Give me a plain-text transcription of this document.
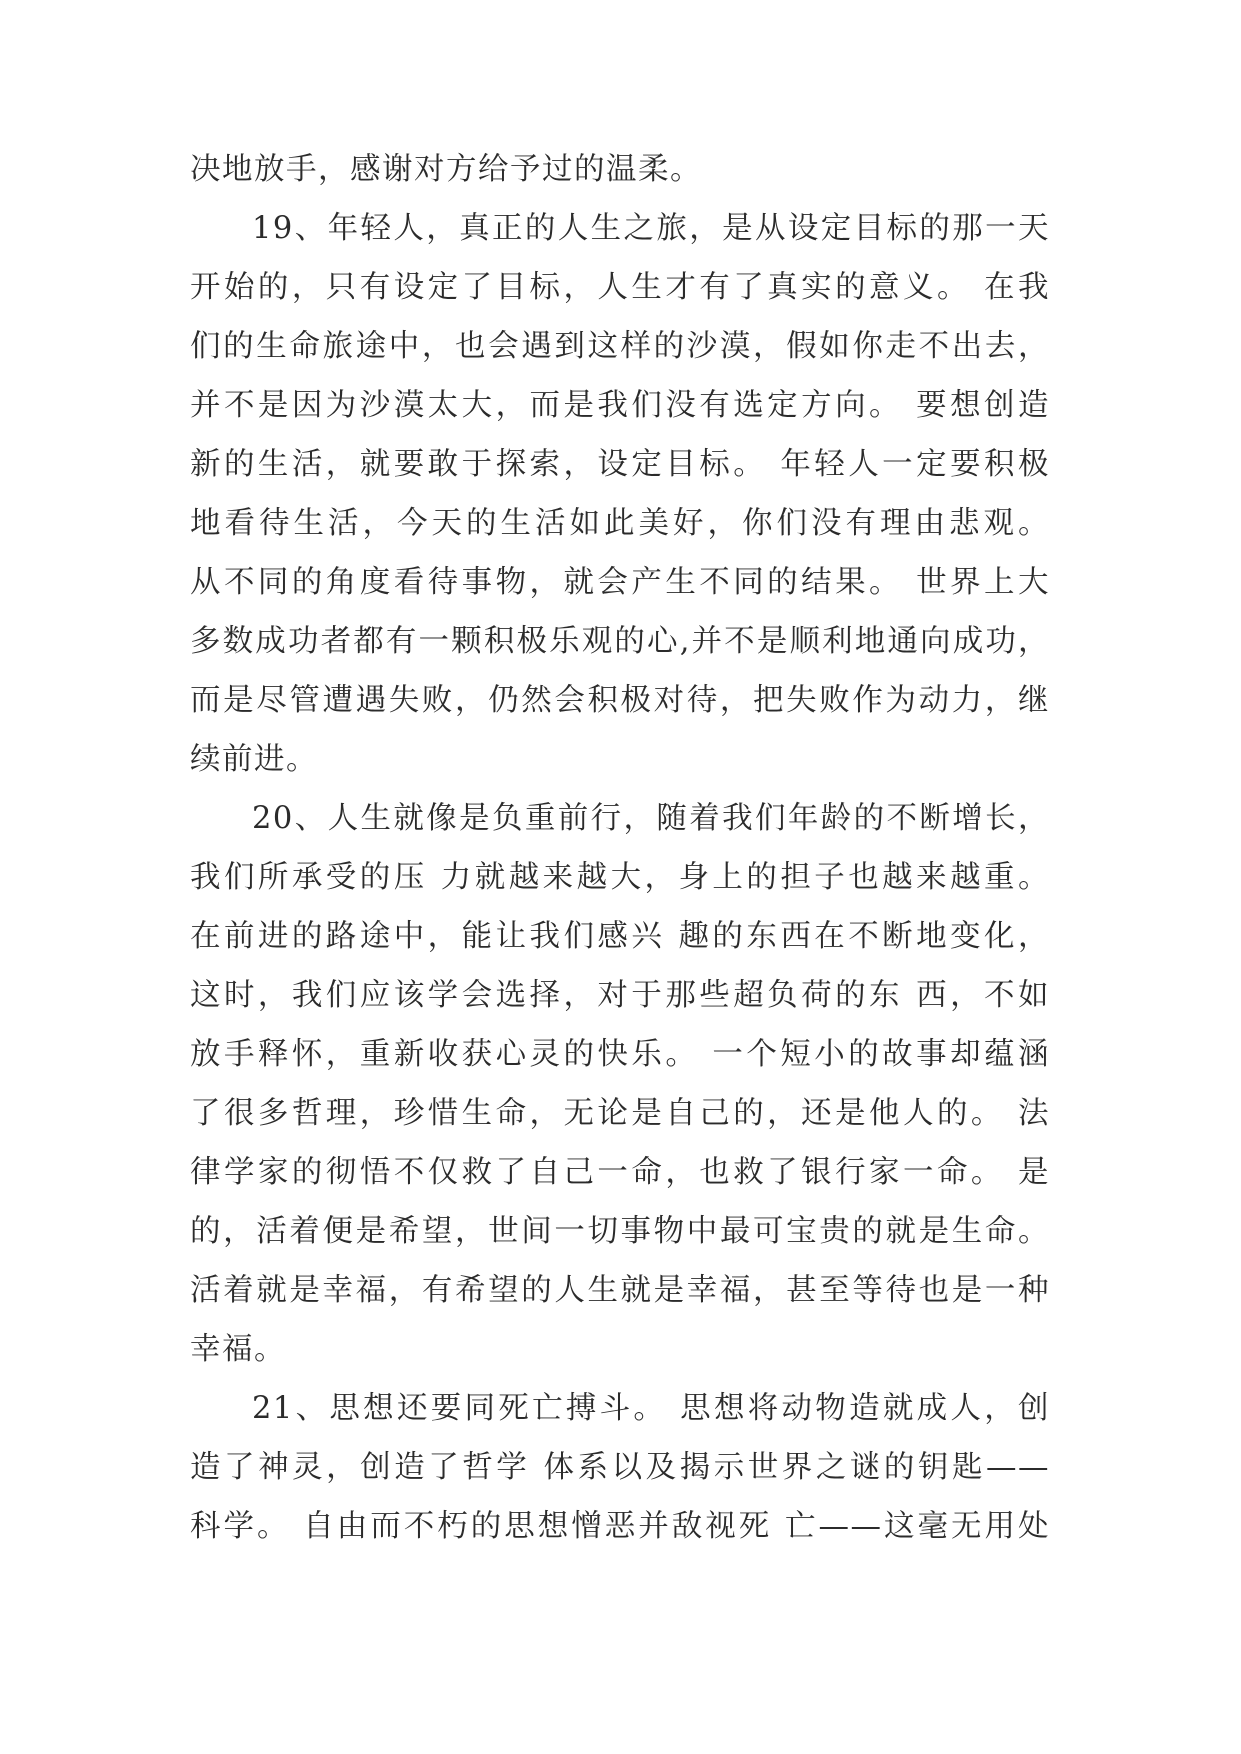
决地放手，感谢对方给予过的温柔。
19、年轻人，真正的人生之旅，是从设定目标的那一天
开始的，只有设定了目标，人生才有了真实的意义。 在我
们的生命旅途中，也会遇到这样的沙漠，假如你走不出去，
并不是因为沙漠太大，而是我们没有选定方向。 要想创造
新的生活，就要敢于探索，设定目标。 年轻人一定要积极
地看待生活，今天的生活如此美好，你们没有理由悲观。
从不同的角度看待事物，就会产生不同的结果。 世界上大
多数成功者都有一颗积极乐观的心,并不是顺利地通向成功，
而是尽管遭遇失败，仍然会积极对待，把失败作为动力，继
续前进。
20、人生就像是负重前行，随着我们年龄的不断增长，
我们所承受的压 力就越来越大，身上的担子也越来越重。
在前进的路途中，能让我们感兴 趣的东西在不断地变化，
这时，我们应该学会选择，对于那些超负荷的东 西，不如
放手释怀，重新收获心灵的快乐。 一个短小的故事却蕴涵
了很多哲理，珍惜生命，无论是自己的，还是他人的。 法
律学家的彻悟不仅救了自己一命，也救了银行家一命。 是
的，活着便是希望，世间一切事物中最可宝贵的就是生命。
活着就是幸福，有希望的人生就是幸福，甚至等待也是一种
幸福。
21、思想还要同死亡搏斗。 思想将动物造就成人，创
造了神灵，创造了哲学 体系以及揭示世界之谜的钥匙——
科学。 自由而不朽的思想憎恶并敌视死 亡——这毫无用处
